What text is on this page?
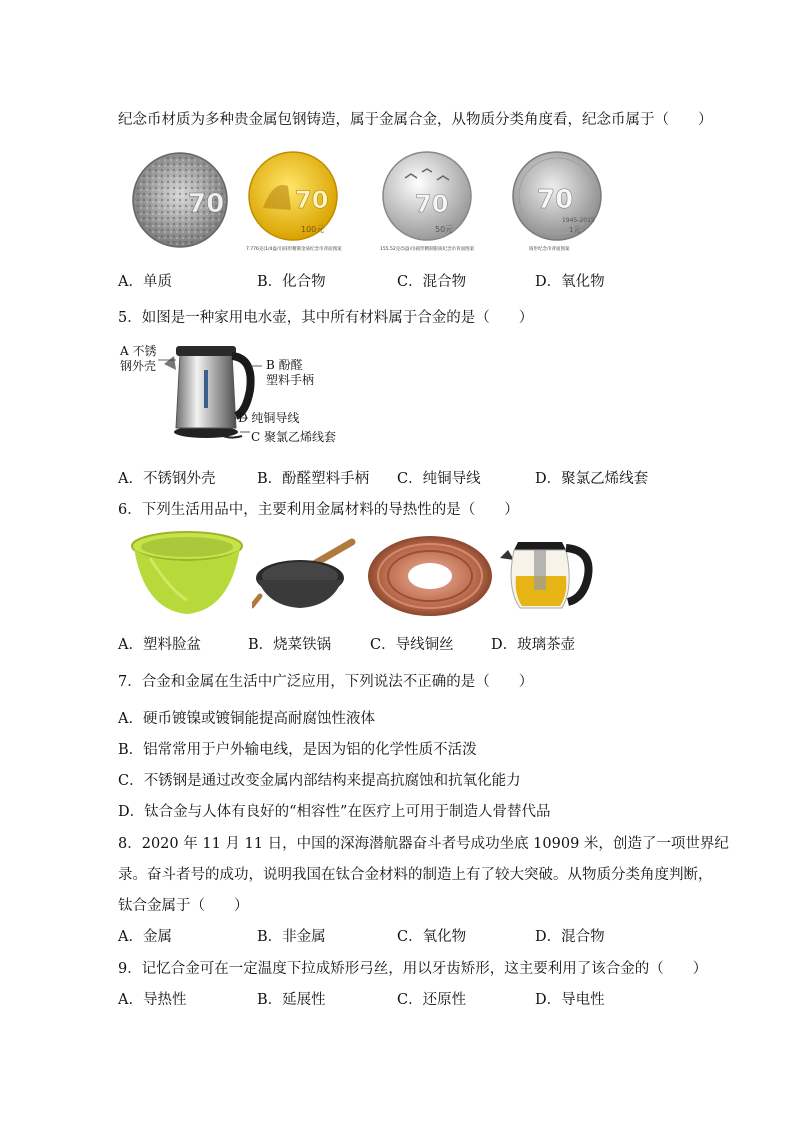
纪念币材质为多种贵金属包钢铸造，属于金属合金，从物质分类角度看，纪念币属于（　　）
70	70
100元
7.776克(1/4盎司)圆形精制金质纪念币背面图案
70
50元
155.52克(5盎司)圆形精制银质纪念币背面图案
70
1945-2015
1元
圆形纪念币背面图案
A．单质	B．化合物	C．混合物	D．氧化物
5．如图是一种家用电水壶，其中所有材料属于合金的是（　　）
A 不锈
钢外壳	B 酚醛
塑料手柄
D 纯铜导线
C 聚氯乙烯线套
A．不锈钢外壳	B．酚醛塑料手柄 C．纯铜导线	D．聚氯乙烯线套
6．下列生活用品中，主要利用金属材料的导热性的是（　　）
A．塑料脸盆	B．烧菜铁锅	C．导线铜丝	D．玻璃茶壶
7．合金和金属在生活中广泛应用，下列说法不正确的是（　　）
A．硬币镀镍或镀铜能提高耐腐蚀性液体
B．铝常常用于户外输电线，是因为铝的化学性质不活泼
C．不锈钢是通过改变金属内部结构来提高抗腐蚀和抗氧化能力
D．钛合金与人体有良好的“相容性”在医疗上可用于制造人骨替代品
8．2020 年 11 月 11 日，中国的深海潜航器奋斗者号成功坐底 10909 米，创造了一项世界纪
录。奋斗者号的成功，说明我国在钛合金材料的制造上有了较大突破。从物质分类角度判断，
钛合金属于（　　）
A．金属	B．非金属	C．氧化物	D．混合物
9．记忆合金可在一定温度下拉成矫形弓丝，用以牙齿矫形，这主要利用了该合金的（　　）
A．导热性	B．延展性	C．还原性	D．导电性
